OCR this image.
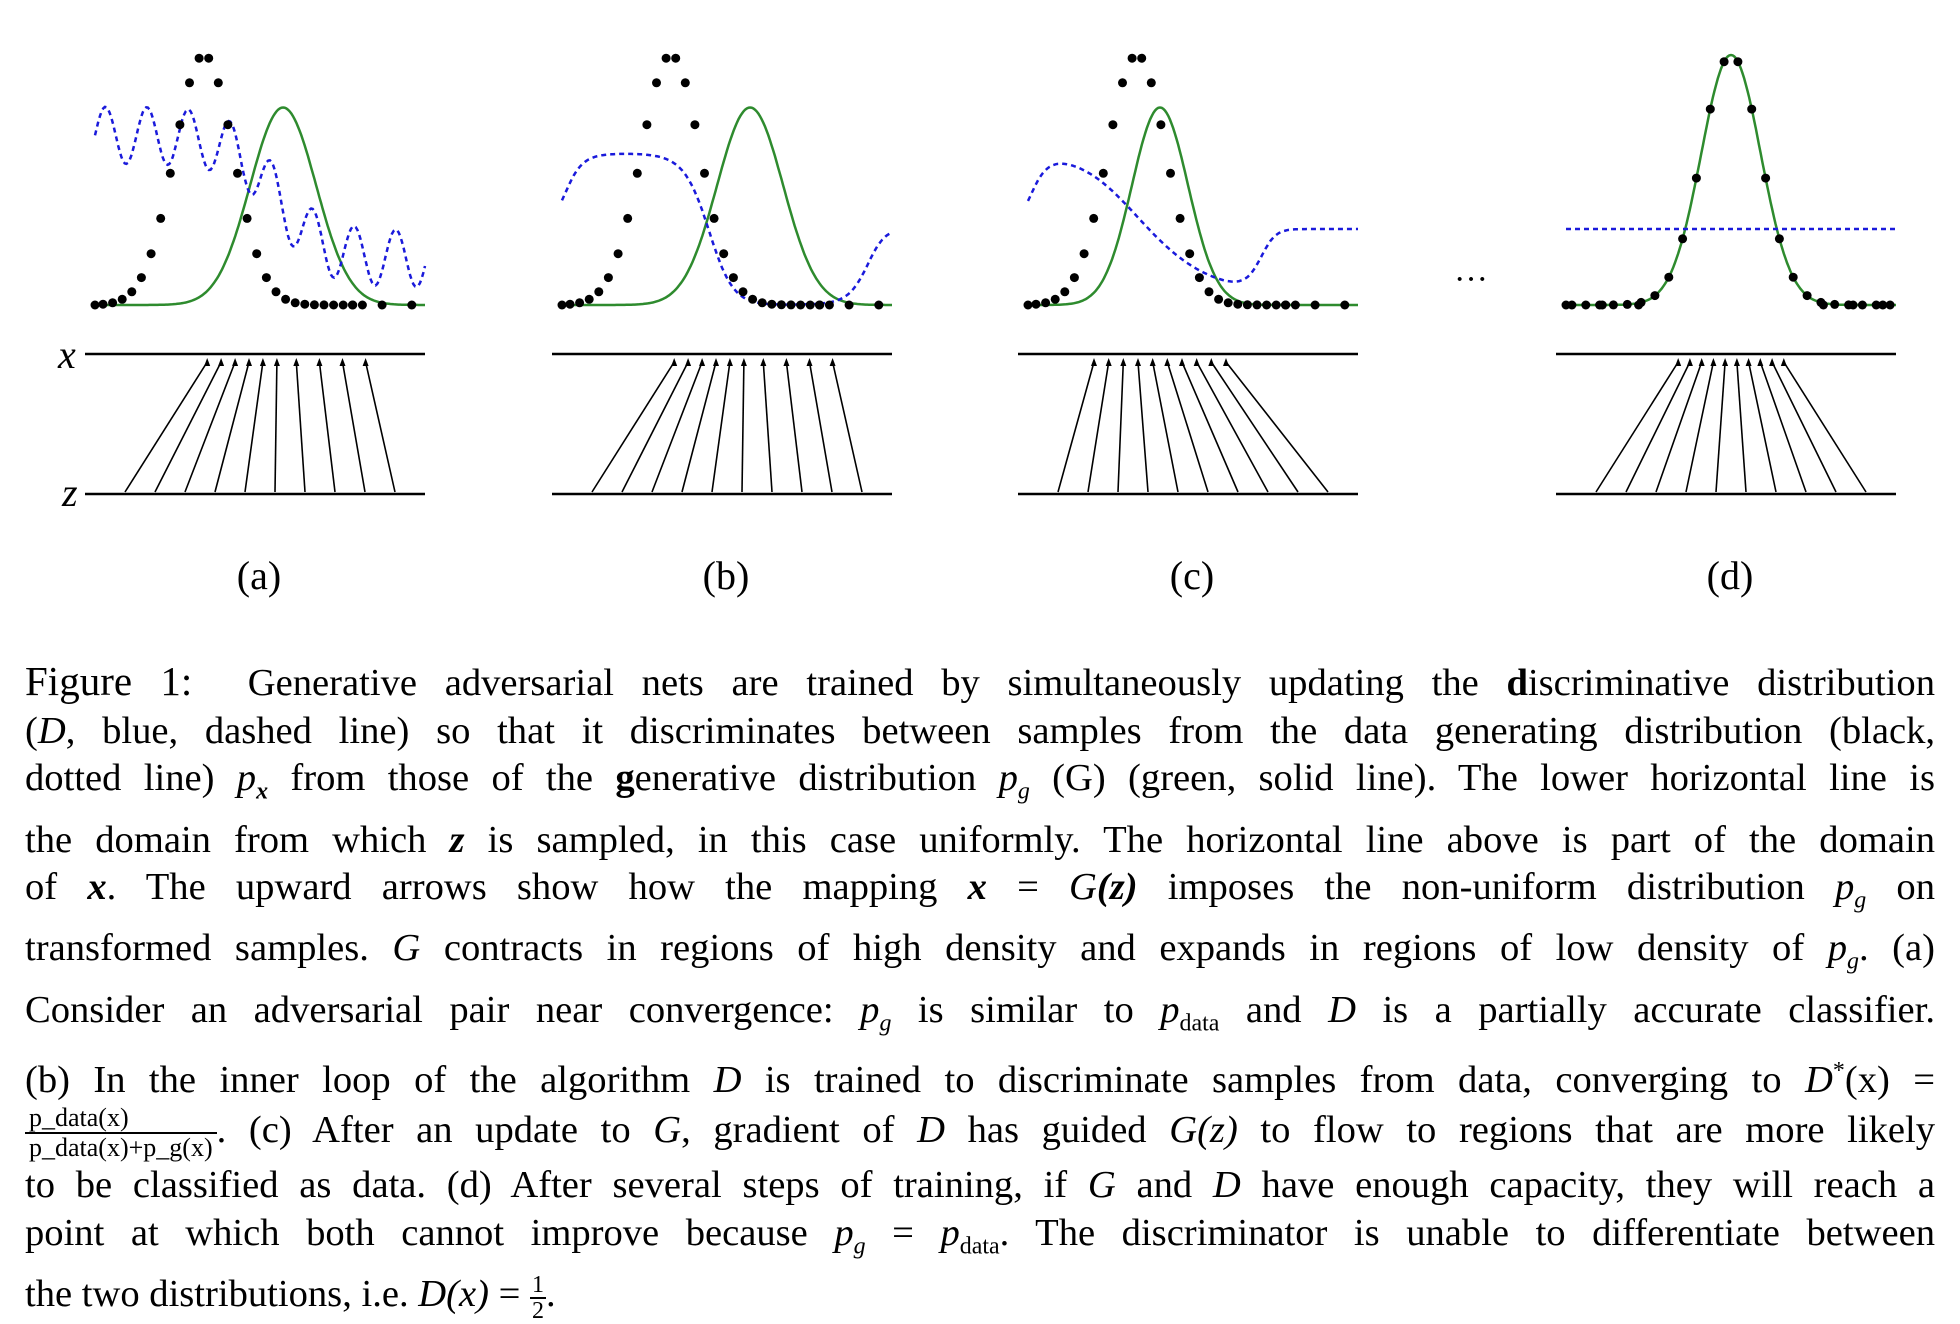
x
z
···
(a)	(b)	(c)	(d)
Figure 1: Generative adversarial nets are trained by simultaneously updating the discriminative distribution
(D, blue, dashed line) so that it discriminates between samples from the data generating distribution (black,
dotted line) $p_x$ from those of the generative distribution $p_g$ (G) (green, solid line). The lower horizontal line is
the domain from which z is sampled, in this case uniformly. The horizontal line above is part of the domain
of x. The upward arrows show how the mapping x = G(z) imposes the non-uniform distribution $p_g$ on
transformed samples. G contracts in regions of high density and expands in regions of low density of $p_g$. (a)
Consider an adversarial pair near convergence: $p_g$ is similar to $p_{data}$ and D is a partially accurate classifier.
(b) In the inner loop of the algorithm D is trained to discriminate samples from data, converging to D*(x) =
$\frac{\text{p\_data(x)}}{\text{p\_data(x)+p\_g(x)}}$ . (c) After an update to G, gradient of D has guided G(z) to flow to regions that are more likely
to be classified as data. (d) After several steps of training, if G and D have enough capacity, they will reach a
point at which both cannot improve because $p_g = p_{data}$. The discriminator is unable to differentiate between
the two distributions, i.e. $D(x) = \frac{1}{2}$ .
